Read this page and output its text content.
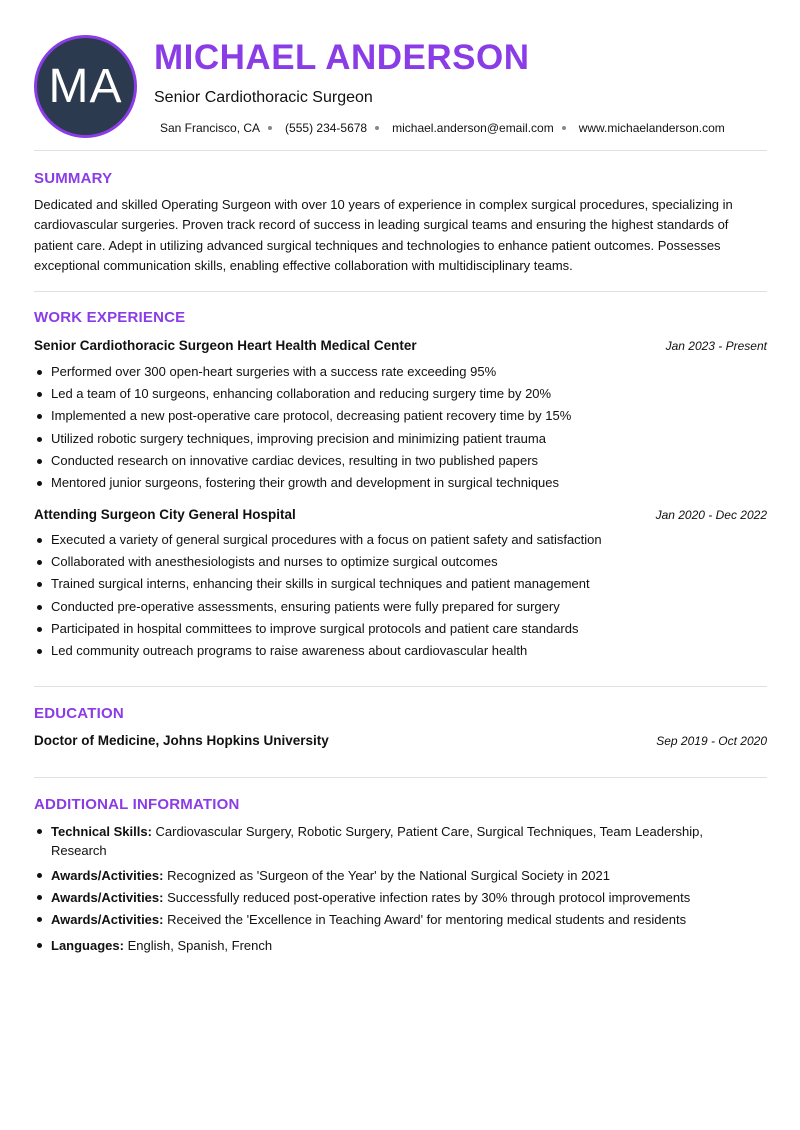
MA
MICHAEL ANDERSON
Senior Cardiothoracic Surgeon
San Francisco, CA (555) 234-5678 michael.anderson@email.com www.michaelanderson.com
SUMMARY
Dedicated and skilled Operating Surgeon with over 10 years of experience in complex surgical procedures, specializing in cardiovascular surgeries. Proven track record of success in leading surgical teams and ensuring the highest standards of patient care. Adept in utilizing advanced surgical techniques and technologies to enhance patient outcomes. Possesses exceptional communication skills, enabling effective collaboration with multidisciplinary teams.
WORK EXPERIENCE
Senior Cardiothoracic Surgeon Heart Health Medical Center	Jan 2023 - Present
Performed over 300 open-heart surgeries with a success rate exceeding 95%
Led a team of 10 surgeons, enhancing collaboration and reducing surgery time by 20%
Implemented a new post-operative care protocol, decreasing patient recovery time by 15%
Utilized robotic surgery techniques, improving precision and minimizing patient trauma
Conducted research on innovative cardiac devices, resulting in two published papers
Mentored junior surgeons, fostering their growth and development in surgical techniques
Attending Surgeon City General Hospital	Jan 2020 - Dec 2022
Executed a variety of general surgical procedures with a focus on patient safety and satisfaction
Collaborated with anesthesiologists and nurses to optimize surgical outcomes
Trained surgical interns, enhancing their skills in surgical techniques and patient management
Conducted pre-operative assessments, ensuring patients were fully prepared for surgery
Participated in hospital committees to improve surgical protocols and patient care standards
Led community outreach programs to raise awareness about cardiovascular health
EDUCATION
Doctor of Medicine, Johns Hopkins University	Sep 2019 - Oct 2020
ADDITIONAL INFORMATION
Technical Skills: Cardiovascular Surgery, Robotic Surgery, Patient Care, Surgical Techniques, Team Leadership, Research
Awards/Activities: Recognized as 'Surgeon of the Year' by the National Surgical Society in 2021
Awards/Activities: Successfully reduced post-operative infection rates by 30% through protocol improvements
Awards/Activities: Received the 'Excellence in Teaching Award' for mentoring medical students and residents
Languages: English, Spanish, French
